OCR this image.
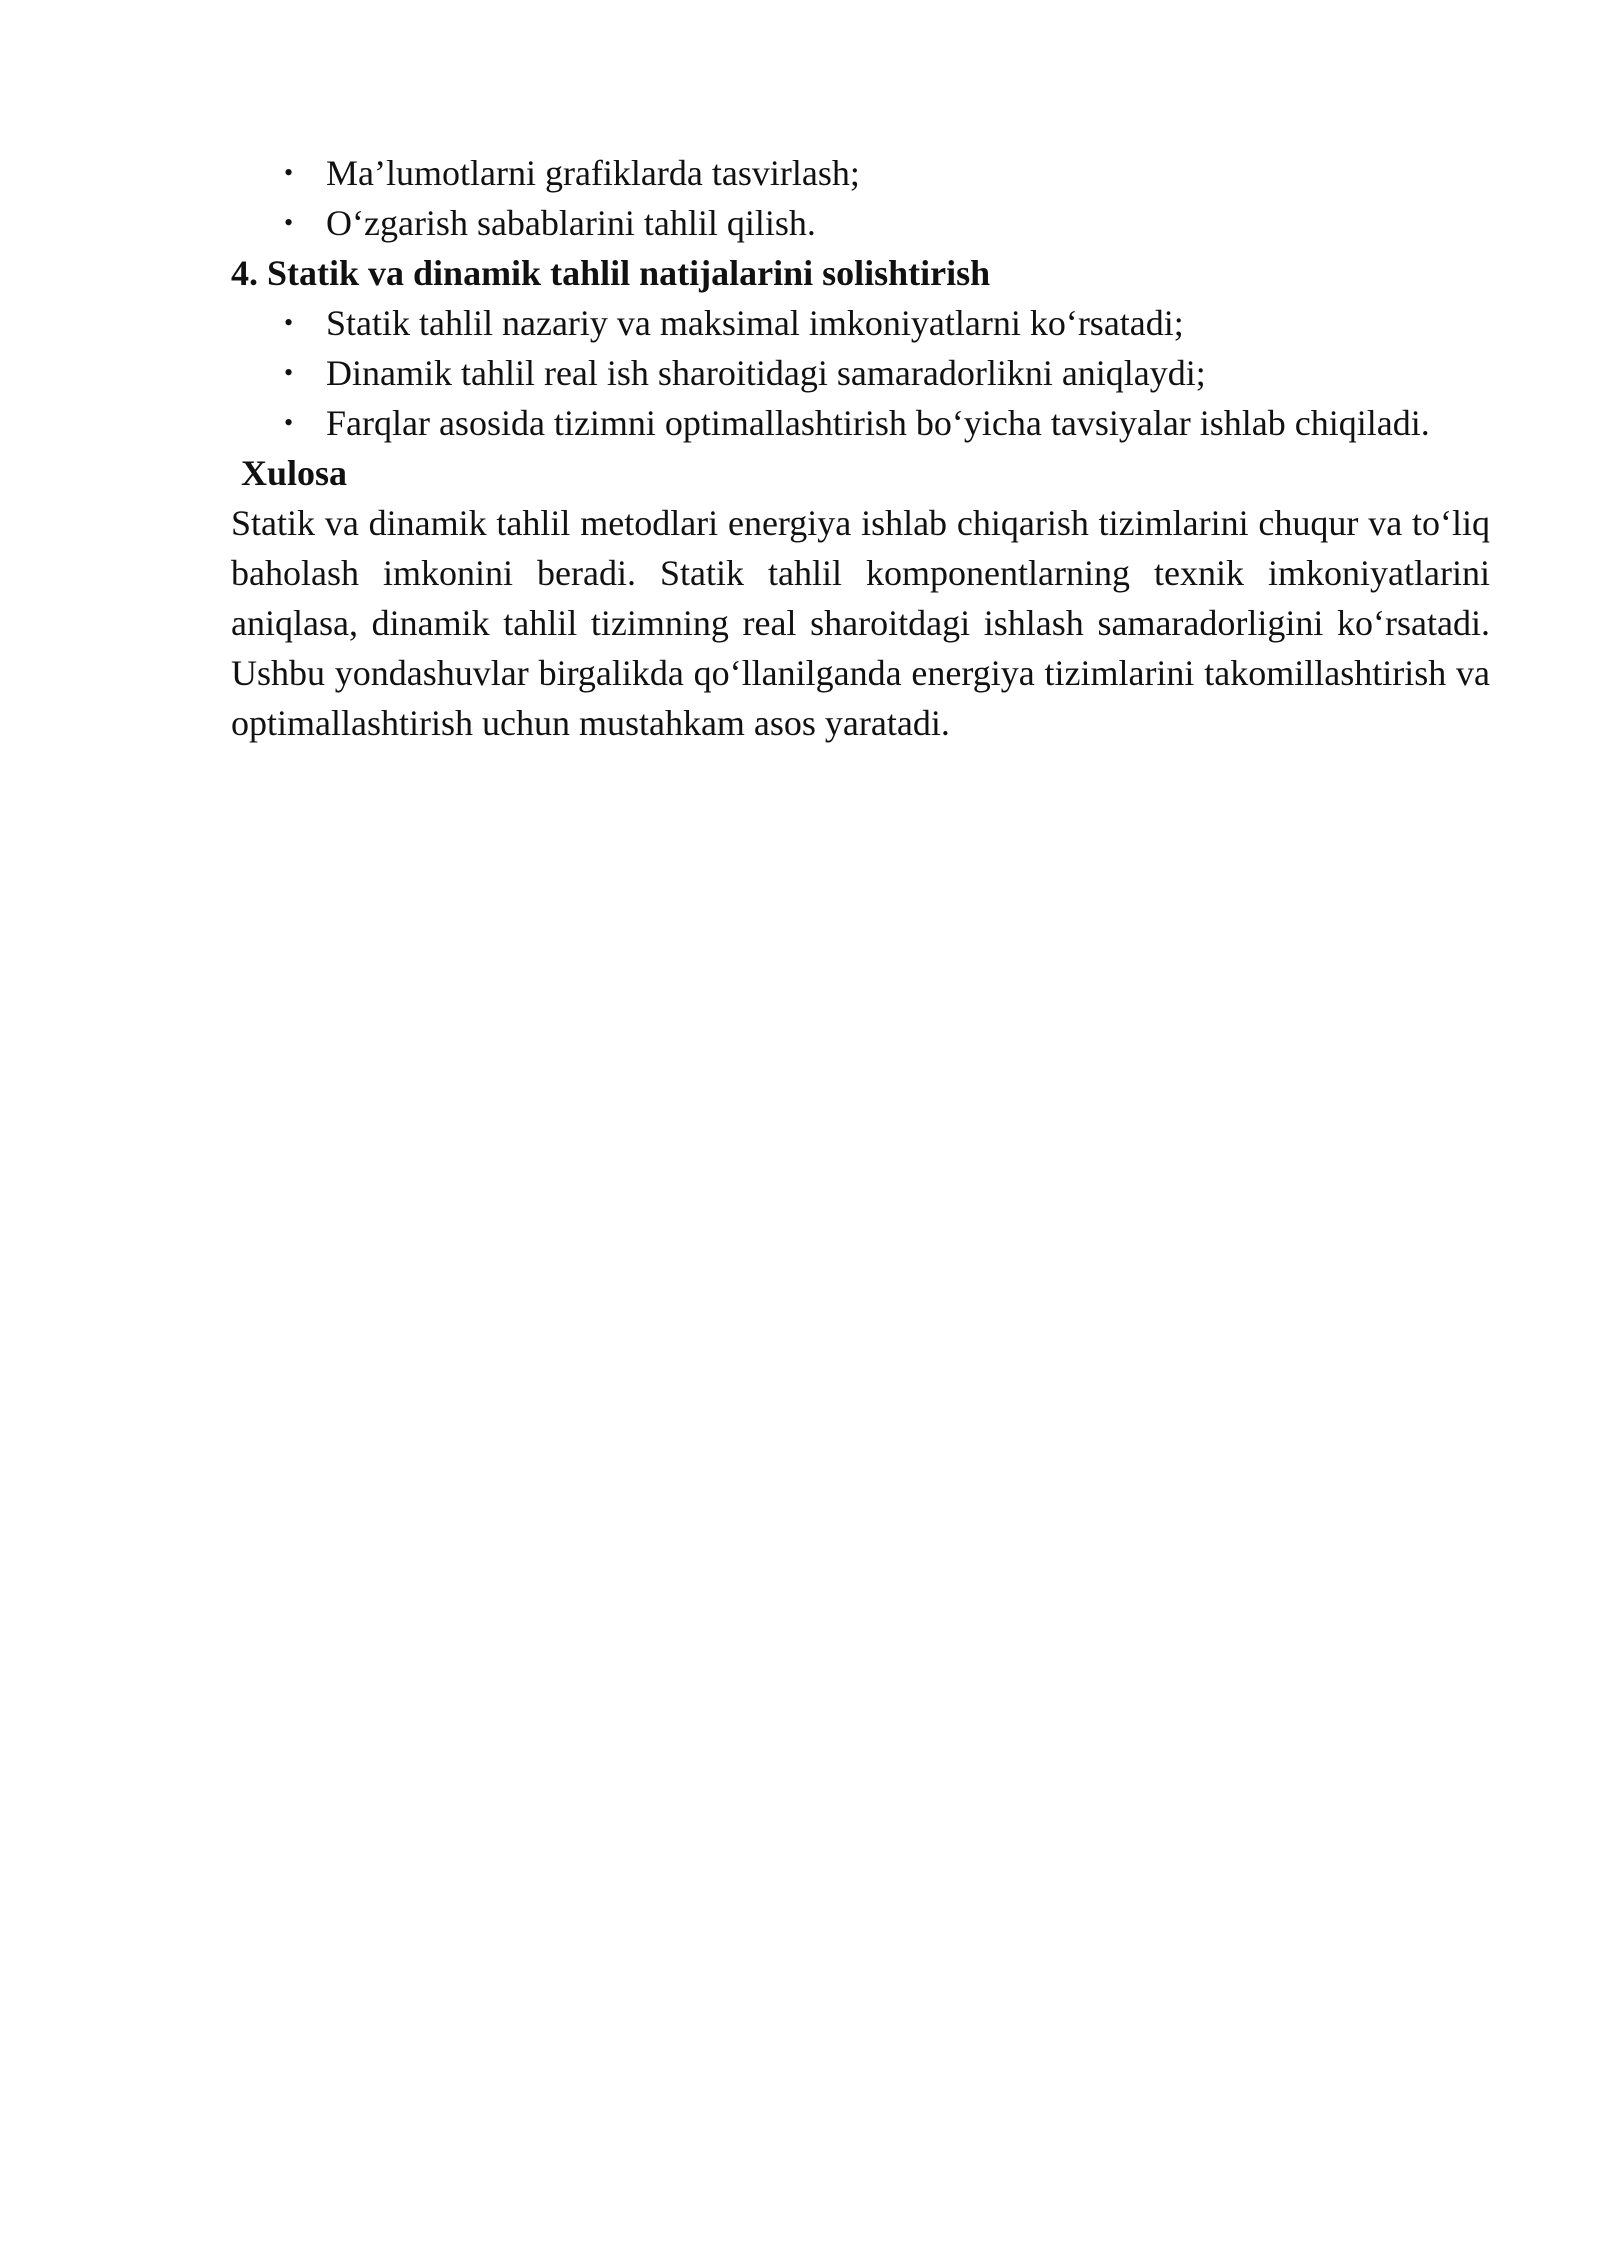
• Ma’lumotlarni grafiklarda tasvirlash;
• O‘zgarish sabablarini tahlil qilish.

4. Statik va dinamik tahlil natijalarini solishtirish

• Statik tahlil nazariy va maksimal imkoniyatlarni ko‘rsatadi;
• Dinamik tahlil real ish sharoitidagi samaradorlikni aniqlaydi;
• Farqlar asosida tizimni optimallashtirish bo‘yicha tavsiyalar ishlab chiqiladi.

Xulosa

Statik va dinamik tahlil metodlari energiya ishlab chiqarish tizimlarini chuqur va to‘liq baholash imkonini beradi. Statik tahlil komponentlarning texnik imkoniyatlarini aniqlasa, dinamik tahlil tizimning real sharoitdagi ishlash samaradorligini ko‘rsatadi. Ushbu yondashuvlar birgalikda qo‘llanilganda energiya tizimlarini takomillashtirish va optimallashtirish uchun mustahkam asos yaratadi.
